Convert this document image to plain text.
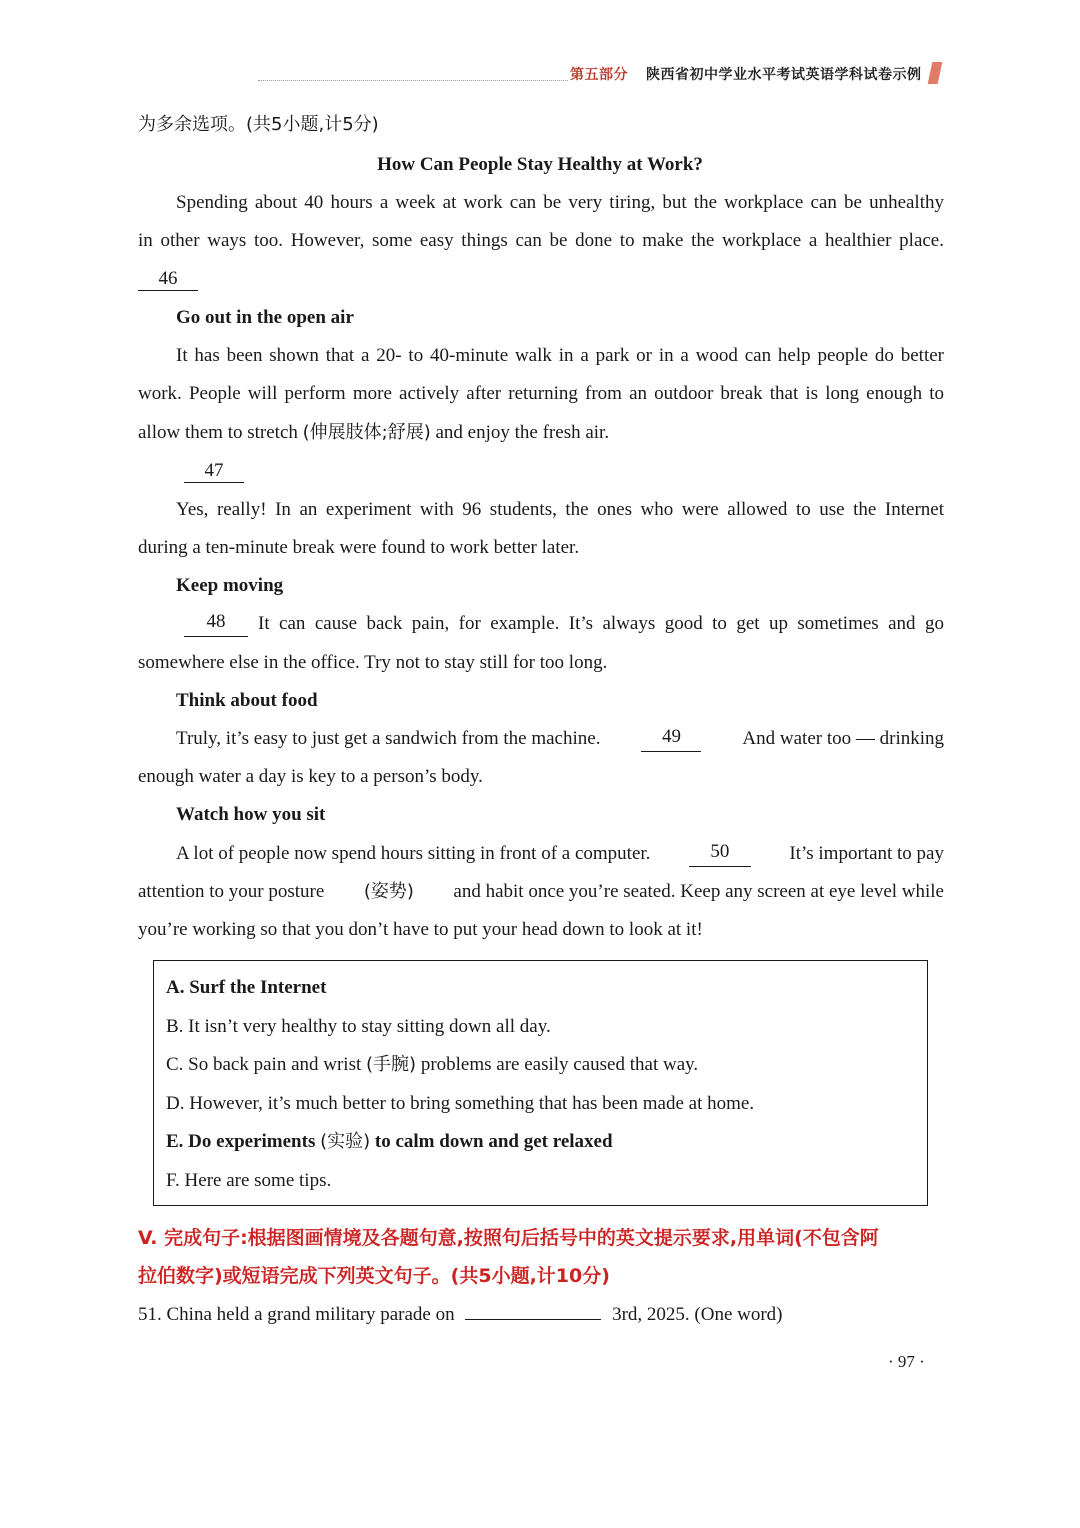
第五部分 陕西省初中学业水平考试英语学科试卷示例
为多余选项。(共5小题,计5分)
How Can People Stay Healthy at Work?
Spending about 40 hours a week at work can be very tiring, but the workplace can be unhealthy
in other ways too. However, some easy things can be done to make the workplace a healthier place.
46
Go out in the open air
It has been shown that a 20- to 40-minute walk in a park or in a wood can help people do better
work. People will perform more actively after returning from an outdoor break that is long enough to
allow them to stretch (伸展肢体;舒展) and enjoy the fresh air.
47
Yes, really! In an experiment with 96 students, the ones who were allowed to use the Internet
during a ten-minute break were found to work better later.
Keep moving
48	It can cause back pain, for example. It’s always good to get up sometimes and go
somewhere else in the office. Try not to stay still for too long.
Think about food
Truly, it’s easy to just get a sandwich from the machine.	49	And water too — drinking
enough water a day is key to a person’s body.
Watch how you sit
A lot of people now spend hours sitting in front of a computer.	50	It’s important to pay
attention to your posture (姿势) and habit once you’re seated. Keep any screen at eye level while
you’re working so that you don’t have to put your head down to look at it!
A. Surf the Internet
B. It isn’t very healthy to stay sitting down all day.
C. So back pain and wrist (手腕) problems are easily caused that way.
D. However, it’s much better to bring something that has been made at home.
E. Do experiments (实验) to calm down and get relaxed
F. Here are some tips.
V. 完成句子:根据图画情境及各题句意,按照句后括号中的英文提示要求,用单词(不包含阿
拉伯数字)或短语完成下列英文句子。(共5小题,计10分)
51. China held a grand military parade on	3rd, 2025. (One word)
· 97 ·
